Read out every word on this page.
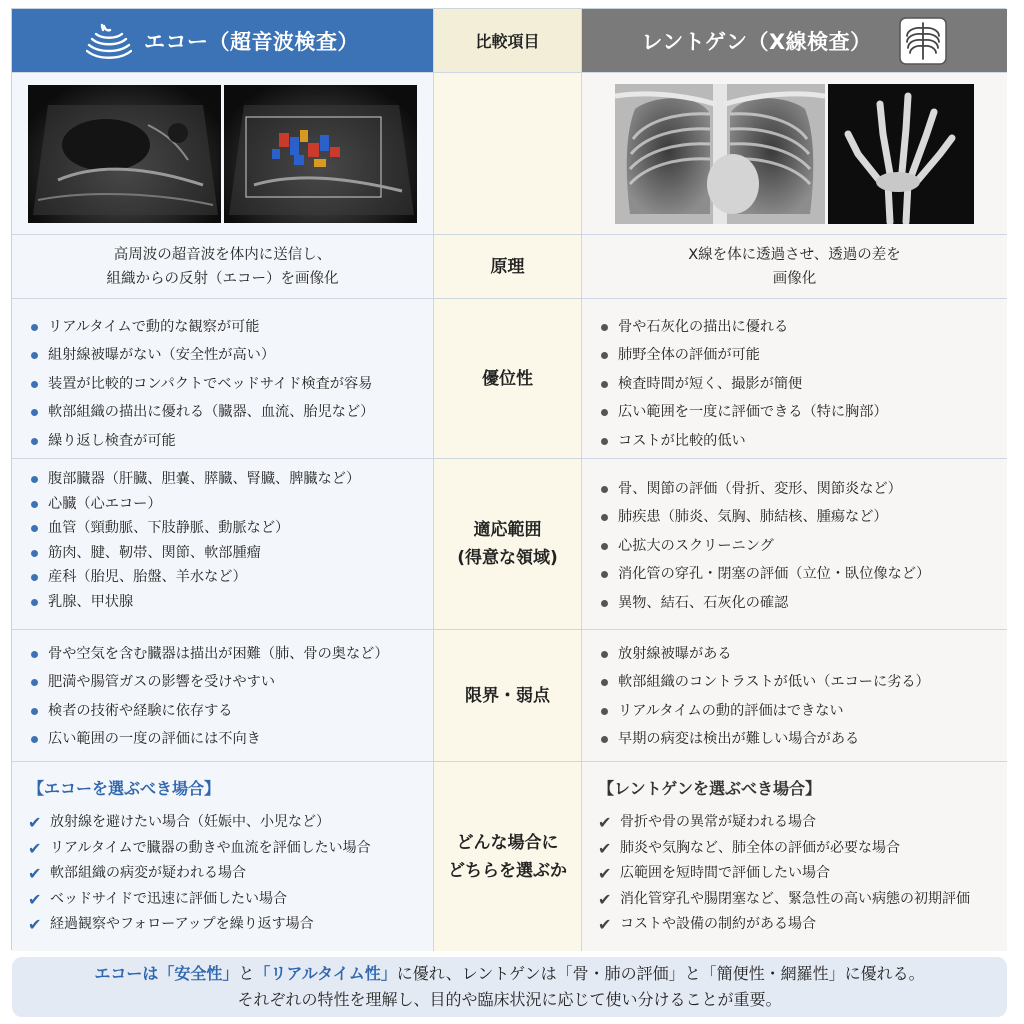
エコー（超音波検査）	比較項目	レントゲン（X線検査）
高周波の超音波を体内に送信し、
組織からの反射（エコー）を画像化
原理
X線を体に透過させ、透過の差を
画像化
リアルタイムで動的な観察が可能
組射線被曝がない（安全性が高い）
装置が比較的コンパクトでベッドサイド検査が容易
軟部組織の描出に優れる（臓器、血流、胎児など）
繰り返し検査が可能
優位性
骨や石灰化の描出に優れる
肺野全体の評価が可能
検査時間が短く、撮影が簡便
広い範囲を一度に評価できる（特に胸部）
コストが比較的低い
腹部臓器（肝臓、胆嚢、膵臓、腎臓、脾臓など）
心臓（心エコー）
血管（頸動脈、下肢静脈、動脈など）
筋肉、腱、靭帯、関節、軟部腫瘤
産科（胎児、胎盤、羊水など）
乳腺、甲状腺
適応範囲
(得意な領域)
骨、関節の評価（骨折、変形、関節炎など）
肺疾患（肺炎、気胸、肺結核、腫瘍など）
心拡大のスクリーニング
消化管の穿孔・閉塞の評価（立位・臥位像など）
異物、結石、石灰化の確認
骨や空気を含む臓器は描出が困難（肺、骨の奥など）
肥満や腸管ガスの影響を受けやすい
検者の技術や経験に依存する
広い範囲の一度の評価には不向き
限界・弱点
放射線被曝がある
軟部組織のコントラストが低い（エコーに劣る）
リアルタイムの動的評価はできない
早期の病変は検出が難しい場合がある
【エコーを選ぶべき場合】
✔ 放射線を避けたい場合（妊娠中、小児など）
✔ リアルタイムで臓器の動きや血流を評価したい場合
✔ 軟部組織の病変が疑われる場合
✔ ベッドサイドで迅速に評価したい場合
✔ 経過観察やフォローアップを繰り返す場合
どんな場合に
どちらを選ぶか
【レントゲンを選ぶべき場合】
✔ 骨折や骨の異常が疑われる場合
✔ 肺炎や気胸など、肺全体の評価が必要な場合
✔ 広範囲を短時間で評価したい場合
✔ 消化管穿孔や腸閉塞など、緊急性の高い病態の初期評価
✔ コストや設備の制約がある場合
エコーは「安全性」と「リアルタイム性」に優れ、レントゲンは「骨・肺の評価」と「簡便性・網羅性」に優れる。
それぞれの特性を理解し、目的や臨床状況に応じて使い分けることが重要。
